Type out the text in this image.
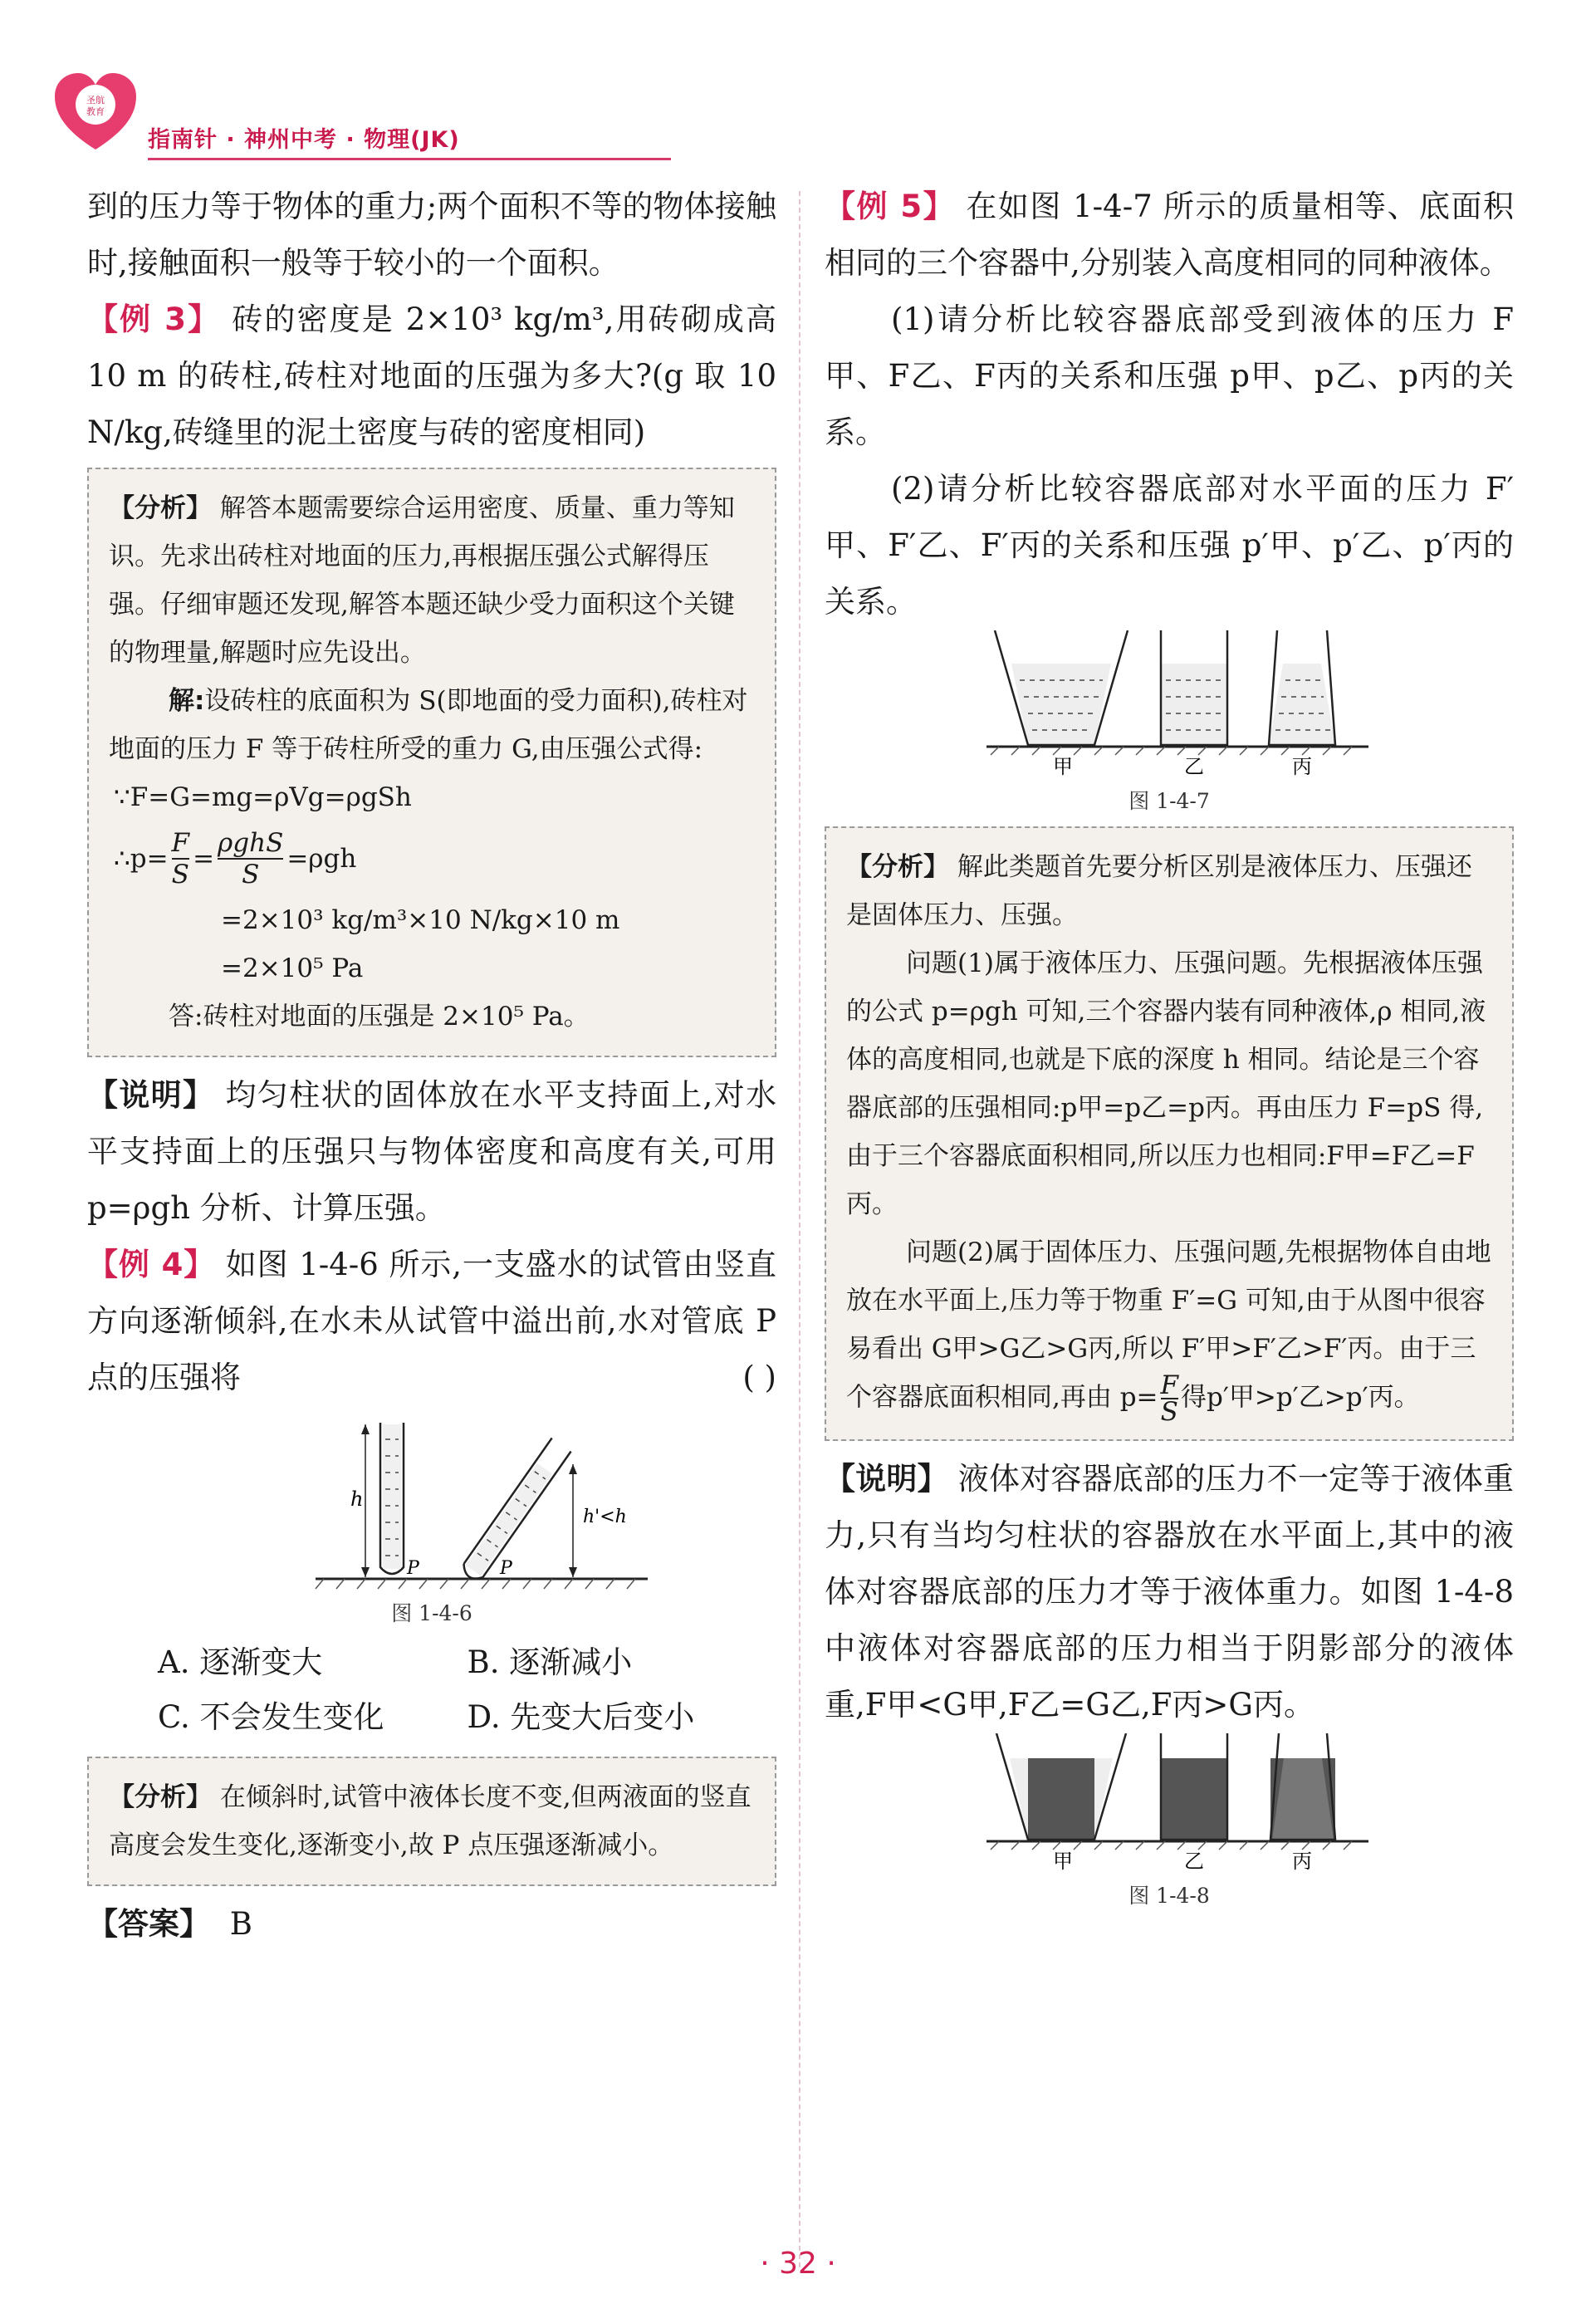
圣航
教育
指南针 · 神州中考 · 物理(JK)

到的压力等于物体的重力;两个面积不等的物体接触时,接触面积一般等于较小的一个面积。

【例 3】 砖的密度是 2×10³ kg/m³,用砖砌成高 10 m 的砖柱,砖柱对地面的压强为多大?(g 取 10 N/kg,砖缝里的泥土密度与砖的密度相同)

【分析】 解答本题需要综合运用密度、质量、重力等知识。先求出砖柱对地面的压力,再根据压强公式解得压强。仔细审题还发现,解答本题还缺少受力面积这个关键的物理量,解题时应先设出。

解:设砖柱的底面积为 S(即地面的受力面积),砖柱对地面的压力 F 等于砖柱所受的重力 G,由压强公式得:

∵F=G=mg=ρVg=ρgSh

∴p=
F
S
=
ρghS
S
=ρgh

=2×10³ kg/m³×10 N/kg×10 m

=2×10⁵ Pa

答:砖柱对地面的压强是 2×10⁵ Pa。

【说明】 均匀柱状的固体放在水平支持面上,对水平支持面上的压强只与物体密度和高度有关,可用 p=ρgh 分析、计算压强。

【例 4】 如图 1-4-6 所示,一支盛水的试管由竖直方向逐渐倾斜,在水未从试管中溢出前,水对管底 P 点的压强将	( )

h
P
h'<h
P
图 1-4-6
A. 逐渐变大	B. 逐渐减小
C. 不会发生变化	D. 先变大后变小

【分析】 在倾斜时,试管中液体长度不变,但两液面的竖直高度会发生变化,逐渐变小,故 P 点压强逐渐减小。

【答案】 B

【例 5】 在如图 1-4-7 所示的质量相等、底面积相同的三个容器中,分别装入高度相同的同种液体。

(1)请分析比较容器底部受到液体的压力 F甲、F乙、F丙的关系和压强 p甲、p乙、p丙的关系。

(2)请分析比较容器底部对水平面的压力 F′甲、F′乙、F′丙的关系和压强 p′甲、p′乙、p′丙的关系。

甲	乙	丙
图 1-4-7

【分析】 解此类题首先要分析区别是液体压力、压强还是固体压力、压强。

问题(1)属于液体压力、压强问题。先根据液体压强的公式 p=ρgh 可知,三个容器内装有同种液体,ρ 相同,液体的高度相同,也就是下底的深度 h 相同。结论是三个容器底部的压强相同:p甲=p乙=p丙。再由压力 F=pS 得,由于三个容器底面积相同,所以压力也相同:F甲=F乙=F丙。

问题(2)属于固体压力、压强问题,先根据物体自由地放在水平面上,压力等于物重 F′=G 可知,由于从图中很容易看出 G甲>G乙>G丙,所以 F′甲>F′乙>F′丙。由于三个容器底面积相同,再由 $p= \frac{F}{S}$ 得p′甲>p′乙>p′丙。

【说明】 液体对容器底部的压力不一定等于液体重力,只有当均匀柱状的容器放在水平面上,其中的液体对容器底部的压力才等于液体重力。如图 1-4-8 中液体对容器底部的压力相当于阴影部分的液体重,F甲<G甲,F乙=G乙,F丙>G丙。

甲	乙	丙
图 1-4-8
· 32 ·
